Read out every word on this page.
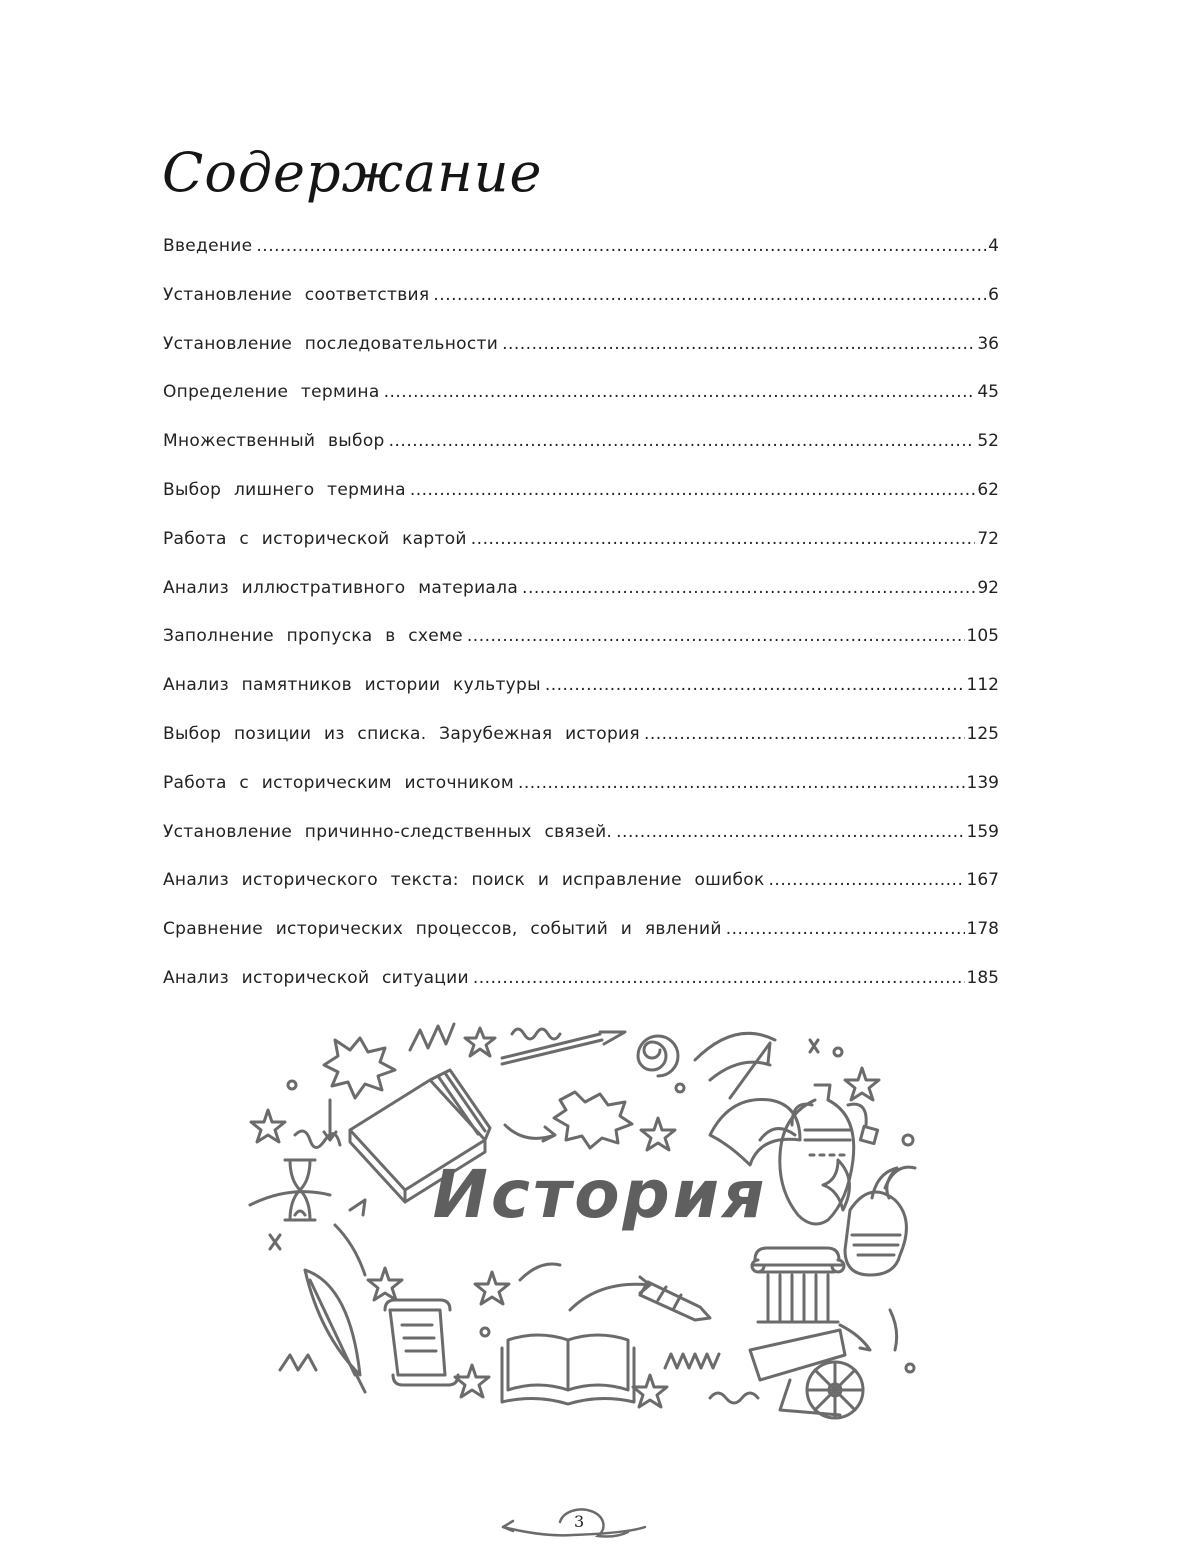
Содержание
Введение .....	4
Установление соответствия .....	6
Установление последовательности .....	36
Определение термина .....	45
Множественный выбор .....	52
Выбор лишнего термина .....	62
Работа с исторической картой .....	72
Анализ иллюстративного материала .....	92
Заполнение пропуска в схеме .....	105
Анализ памятников истории культуры .....	112
Выбор позиции из списка. Зарубежная история .....	125
Работа с историческим источником .....	139
Установление причинно-следственных связей. .....	159
Анализ исторического текста: поиск и исправление ошибок .....	167
Сравнение исторических процессов, событий и явлений .....	178
Анализ исторической ситуации .....	185
История
3
